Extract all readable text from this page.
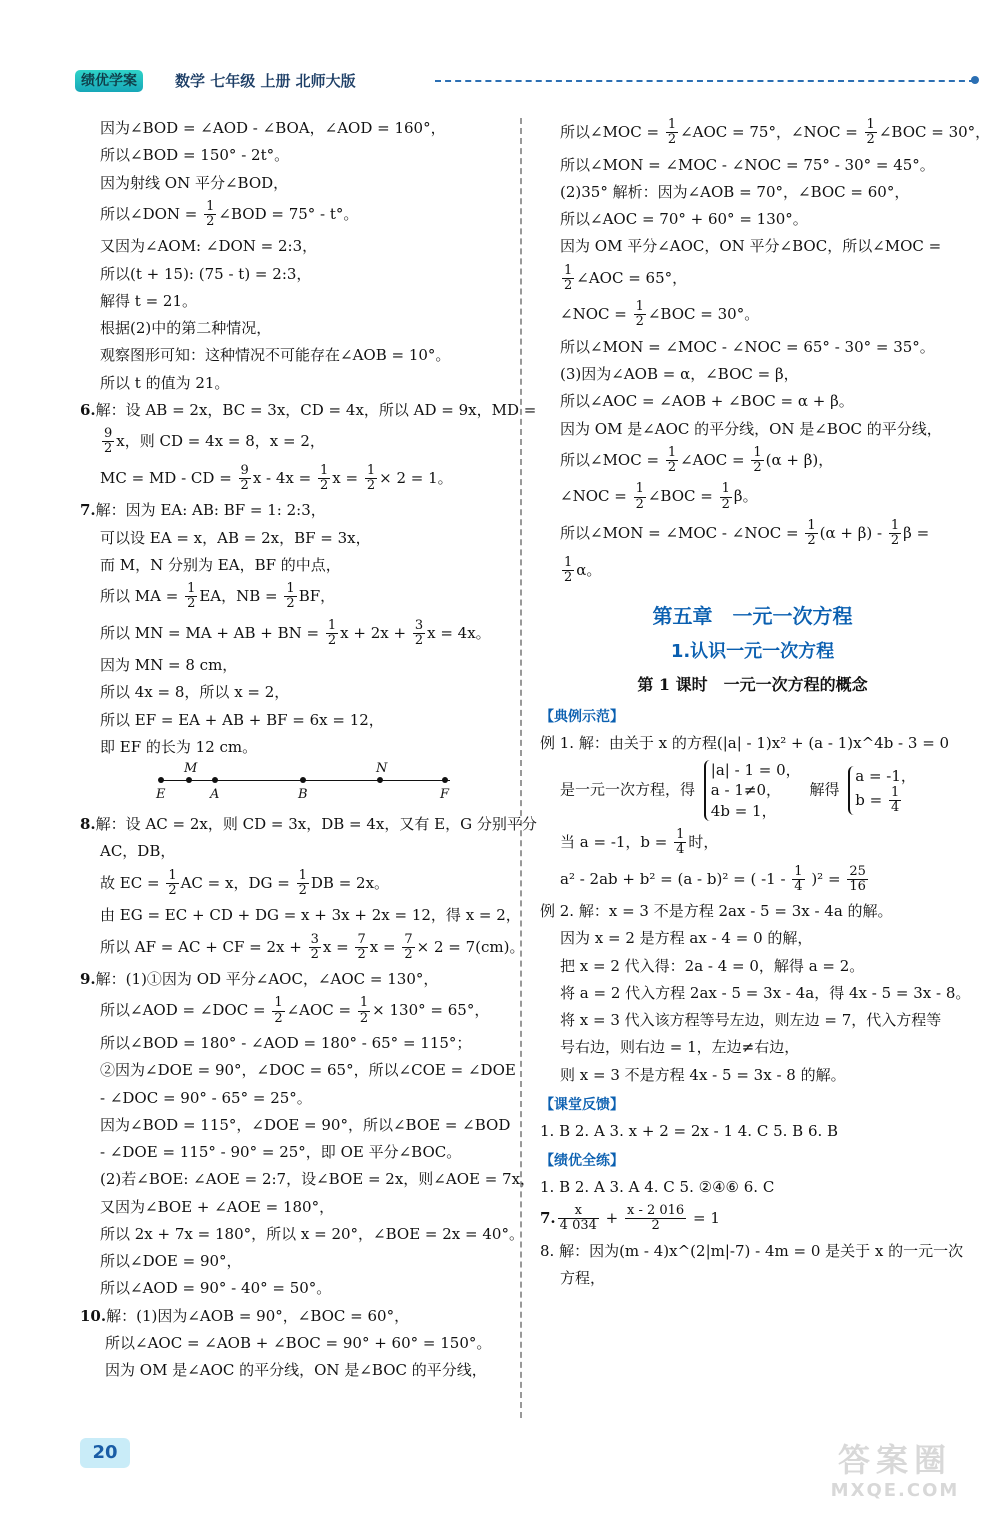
绩优学案	数学 七年级 上册 北师大版
因为∠BOD = ∠AOD - ∠BOA，∠AOD = 160°，
所以∠BOD = 150° - 2t°。
因为射线 ON 平分∠BOD，
所以∠DON = $\frac{1}{2}$ ∠BOD = 75° - t°。
又因为∠AOM: ∠DON = 2:3，
所以(t + 15): (75 - t) = 2:3，
解得 t = 21。
根据(2)中的第二种情况，
观察图形可知：这种情况不可能存在∠AOB = 10°。
所以 t 的值为 21。
6.解：设 AB = 2x，BC = 3x，CD = 4x，所以 AD = 9x，MD =
$\frac{9}{2}$ x，则 CD = 4x = 8，x = 2，
MC = MD - CD = $\frac{9}{2}$ $x - 4x = \frac{1}{2}$ $x = \frac{1}{2} \times 2 = 1$。
7.解：因为 EA: AB: BF = 1: 2:3，
可以设 EA = x，AB = 2x，BF = 3x，
而 M，N 分别为 EA，BF 的中点，
所以 MA = $\frac{1}{2}$ EA，NB = $\frac{1}{2}$ BF，
所以 MN = MA + AB + BN = $\frac{1}{2}$ $x + 2x + \frac{3}{2}$ x = 4x。
因为 MN = 8 cm，
所以 4x = 8，所以 x = 2，
所以 EF = EA + AB + BF = 6x = 12，
即 EF 的长为 12 cm。
M	N
E	A	B	F
8.解：设 AC = 2x，则 CD = 3x，DB = 4x，又有 E，G 分别平分
AC，DB，
故 EC = $\frac{1}{2}$ AC = x，DG = $\frac{1}{2}$ DB = 2x。
由 EG = EC + CD + DG = x + 3x + 2x = 12，得 x = 2，
所以 AF = AC + CF = $2x + \frac{3}{2}$ $x = \frac{7}{2}$ $x = \frac{7}{2} \times 2 = 7(cm)$。
9.解：(1)①因为 OD 平分∠AOC，∠AOC = 130°，
所以∠AOD = ∠DOC = $\frac{1}{2}$ ∠AOC = $\frac{1}{2} \times 130^\circ = 65^\circ$，
所以∠BOD = 180° - ∠AOD = 180° - 65° = 115°；
②因为∠DOE = 90°，∠DOC = 65°，所以∠COE = ∠DOE
- ∠DOC = 90° - 65° = 25°。
因为∠BOD = 115°，∠DOE = 90°，所以∠BOE = ∠BOD
- ∠DOE = 115° - 90° = 25°，即 OE 平分∠BOC。
(2)若∠BOE: ∠AOE = 2:7，设∠BOE = 2x，则∠AOE = 7x，
又因为∠BOE + ∠AOE = 180°，
所以 2x + 7x = 180°，所以 x = 20°，∠BOE = 2x = 40°。
所以∠DOE = 90°，
所以∠AOD = 90° - 40° = 50°。
10.解：(1)因为∠AOB = 90°，∠BOC = 60°，
所以∠AOC = ∠AOB + ∠BOC = 90° + 60° = 150°。
因为 OM 是∠AOC 的平分线，ON 是∠BOC 的平分线，
所以∠MOC = $\frac{1}{2}$ ∠AOC = 75°，∠NOC = $\frac{1}{2}$ ∠BOC = 30°，
所以∠MON = ∠MOC - ∠NOC = 75° - 30° = 45°。
(2)35° 解析：因为∠AOB = 70°，∠BOC = 60°，
所以∠AOC = 70° + 60° = 130°。
因为 OM 平分∠AOC，ON 平分∠BOC，所以∠MOC =
$\frac{1}{2}$ ∠AOC = 65°，
∠NOC = $\frac{1}{2}$ ∠BOC = 30°。
所以∠MON = ∠MOC - ∠NOC = 65° - 30° = 35°。
(3)因为∠AOB = α，∠BOC = β，
所以∠AOC = ∠AOB + ∠BOC = α + β。
因为 OM 是∠AOC 的平分线，ON 是∠BOC 的平分线，
所以∠MOC = $\frac{1}{2}$ ∠AOC = $\frac{1}{2} (\alpha + \beta)$，
∠NOC = $\frac{1}{2}$ ∠BOC = $\frac{1}{2}$ β。
所以∠MON = ∠MOC - ∠NOC = $\frac{1}{2} (\alpha + \beta) - \frac{1}{2}$ β =
$\frac{1}{2}$ α。
第五章　一元一次方程
1.认识一元一次方程
第 1 课时　一元一次方程的概念
【典例示范】
例 1. 解：由关于 x 的方程(|a| - 1)x² + (a - 1)x^4b - 3 = 0
是一元一次方程，得
|a| - 1 = 0，
a - 1≠0，
4b = 1，
解得
a = -1，
$b = \frac{1}{4}$
当 a = -1，$b = \frac{1}{4}$ 时，
a² - 2ab + b² = (a - b)² = ( $-1 - \frac{1}{4} )^2 = \frac{25}{16}$
例 2. 解：x = 3 不是方程 2ax - 5 = 3x - 4a 的解。
因为 x = 2 是方程 ax - 4 = 0 的解，
把 x = 2 代入得：2a - 4 = 0，解得 a = 2。
将 a = 2 代入方程 2ax - 5 = 3x - 4a，得 4x - 5 = 3x - 8。
将 x = 3 代入该方程等号左边，则左边 = 7，代入方程等
号右边，则右边 = 1，左边≠右边，
则 x = 3 不是方程 4x - 5 = 3x - 8 的解。
【课堂反馈】
1. B 2. A 3. x + 2 = 2x - 1 4. C 5. B 6. B
【绩优全练】
1. B 2. A 3. A 4. C 5. ②④⑥ 6. C
7. $\frac{x}{4 034} + \frac{x - 2 016}{2} = 1$
8. 解：因为(m - 4)x^(2|m|-7) - 4m = 0 是关于 x 的一元一次
方程，
20	答案圈
MXQE.COM
